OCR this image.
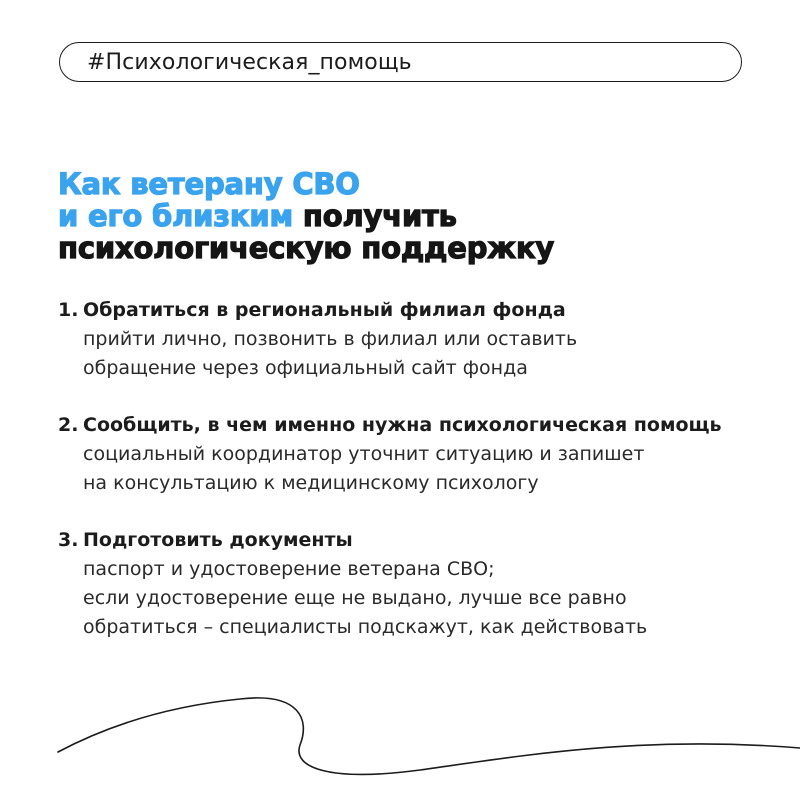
#Психологическая_помощь
Как ветерану СВО
и его близким получить
психологическую поддержку
1. Обратиться в региональный филиал фонда
прийти лично, позвонить в филиал или оставить
обращение через официальный сайт фонда
2. Сообщить, в чем именно нужна психологическая помощь
социальный координатор уточнит ситуацию и запишет
на консультацию к медицинскому психологу
3. Подготовить документы
паспорт и удостоверение ветерана СВО;
если удостоверение еще не выдано, лучше все равно
обратиться – специалисты подскажут, как действовать
